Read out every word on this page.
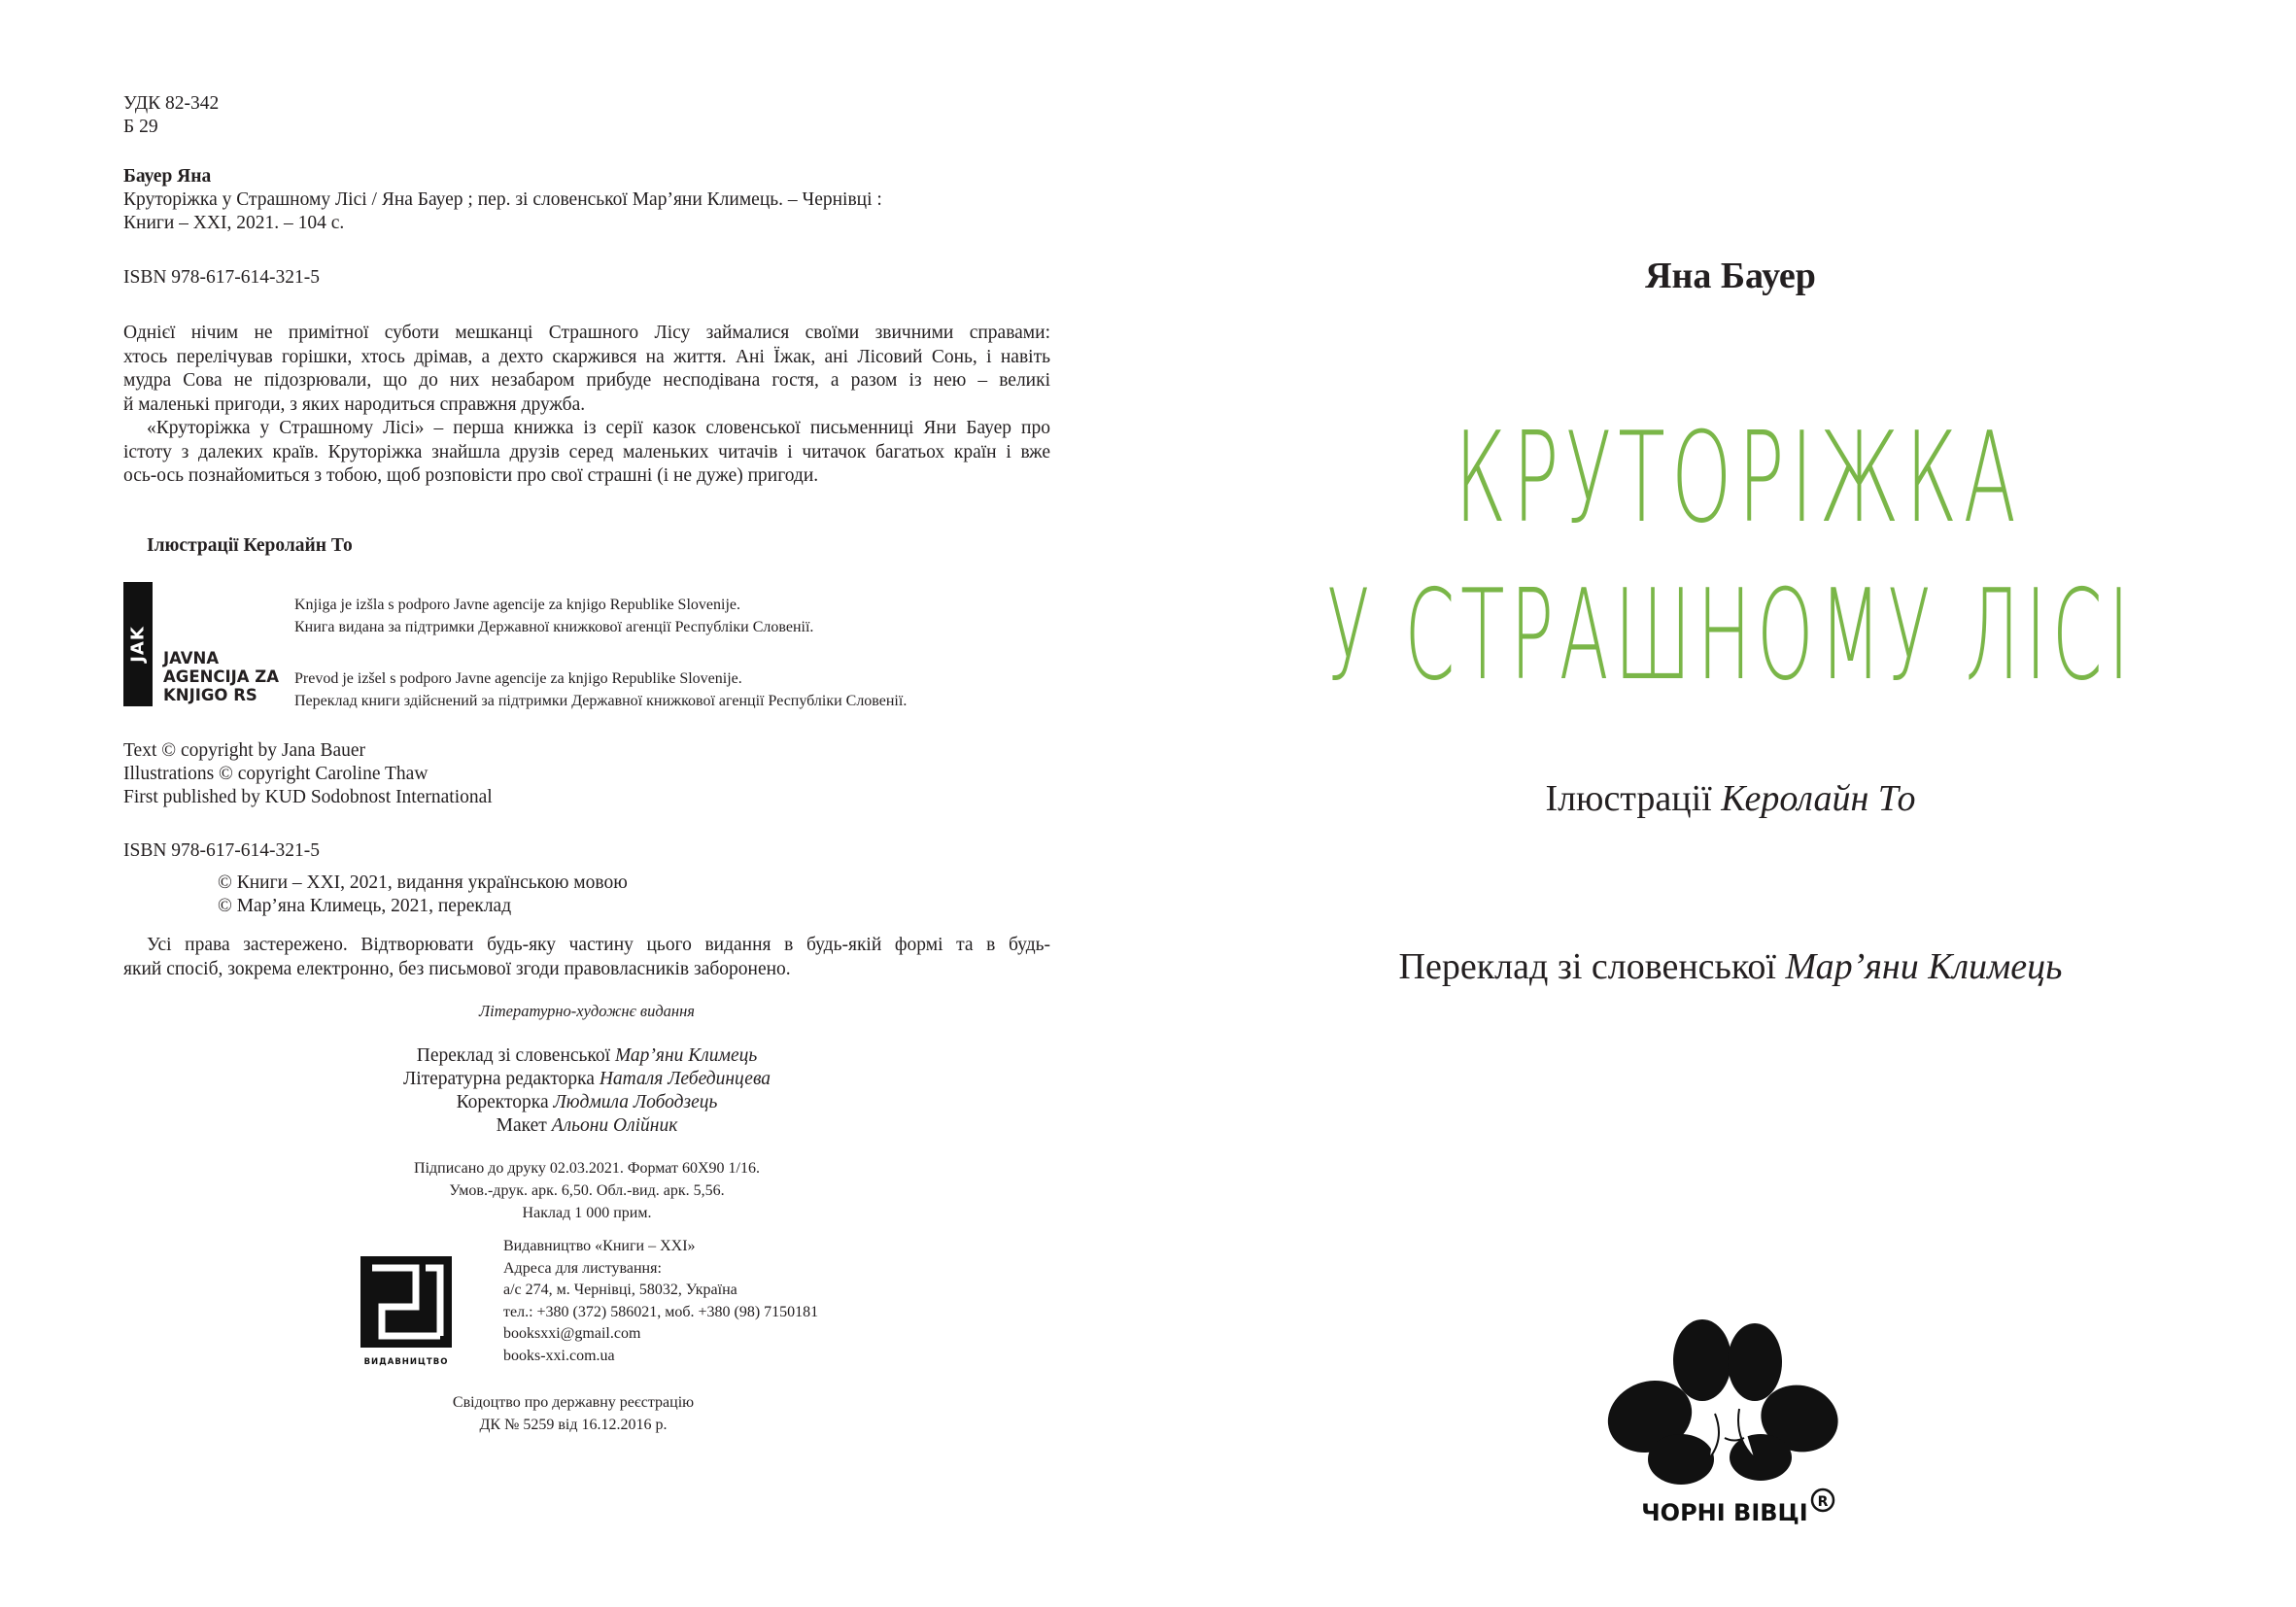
УДК 82-342
Б 29
Бауер Яна
Круторіжка у Страшному Лісі / Яна Бауер ; пер. зі словенської Мар’яни Климець. – Чернівці :
Книги – XXI, 2021. – 104 с.
ISBN 978-617-614-321-5
Однієї нічим не примітної суботи мешканці Страшного Лісу займалися своїми звичними справами:
хтось перелічував горішки, хтось дрімав, а дехто скаржився на життя. Ані Їжак, ані Лісовий Сонь, і навіть
мудра Сова не підозрювали, що до них незабаром прибуде несподівана гостя, а разом із нею – великі
й маленькі пригоди, з яких народиться справжня дружба.
«Круторіжка у Страшному Лісі» – перша книжка із серії казок словенської письменниці Яни Бауер про
істоту з далеких країв. Круторіжка знайшла друзів серед маленьких читачів і читачок багатьох країн і вже
ось-ось познайомиться з тобою, щоб розповісти про свої страшні (і не дуже) пригоди.
Ілюстрації Керолайн То
JAK JAVNA
AGENCIJA ZA
KNJIGO RS
Knjiga je izšla s podporo Javne agencije za knjigo Republike Slovenije.
Книга видана за підтримки Державної книжкової агенції Республіки Словенії.
Prevod je izšel s podporo Javne agencije za knjigo Republike Slovenije.
Переклад книги здійснений за підтримки Державної книжкової агенції Республіки Словенії.
Text © copyright by Jana Bauer
Illustrations © copyright Caroline Thaw
First published by KUD Sodobnost International
ISBN 978-617-614-321-5
© Книги – XXI, 2021, видання українською мовою
© Мар’яна Климець, 2021, переклад
Усі права застережено. Відтворювати будь-яку частину цього видання в будь-якій формі та в будь-
який спосіб, зокрема електронно, без письмової згоди правовласників заборонено.
Літературно-художнє видання
Переклад зі словенської Мар’яни Климець
Літературна редакторка Наталя Лебединцева
Коректорка Людмила Лободзець
Макет Альони Олійник
Підписано до друку 02.03.2021. Формат 60Х90 1/16.
Умов.-друк. арк. 6,50. Обл.-вид. арк. 5,56.
Наклад 1 000 прим.
ВИДАВНИЦТВО
Видавництво «Книги – XXI»
Адреса для листування:
а/с 274, м. Чернівці, 58032, Україна
тел.: +380 (372) 586021, моб. +380 (98) 7150181
booksxxi@gmail.com
books-xxi.com.ua
Свідоцтво про державну реєстрацію
ДК № 5259 від 16.12.2016 р.
Яна Бауер
КРУТОРІЖКА
У СТРАШНОМУ ЛІСІ
Ілюстрації Керолайн То
Переклад зі словенської Мар’яни Климець
ЧОРНІ ВІВЦІ R
